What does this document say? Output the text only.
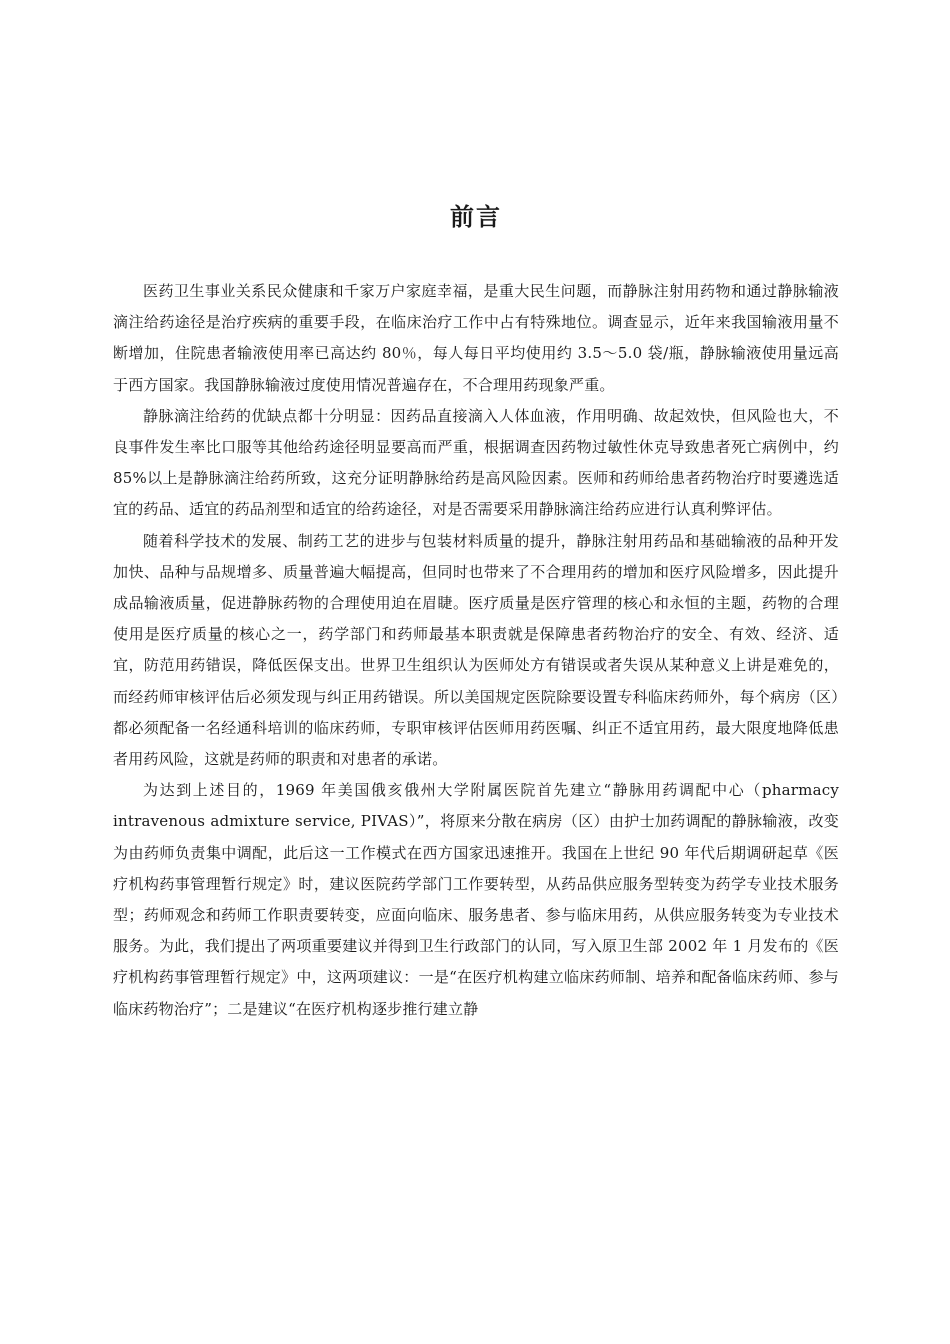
前言

医药卫生事业关系民众健康和千家万户家庭幸福，是重大民生问题，而静脉注射用药物和通过静脉输液滴注给药途径是治疗疾病的重要手段，在临床治疗工作中占有特殊地位。调查显示，近年来我国输液用量不断增加，住院患者输液使用率已高达约 80％，每人每日平均使用约 3.5～5.0 袋/瓶，静脉输液使用量远高于西方国家。我国静脉输液过度使用情况普遍存在，不合理用药现象严重。

静脉滴注给药的优缺点都十分明显：因药品直接滴入人体血液，作用明确、故起效快，但风险也大，不良事件发生率比口服等其他给药途径明显要高而严重，根据调查因药物过敏性休克导致患者死亡病例中，约 85%以上是静脉滴注给药所致，这充分证明静脉给药是高风险因素。医师和药师给患者药物治疗时要遴选适宜的药品、适宜的药品剂型和适宜的给药途径，对是否需要采用静脉滴注给药应进行认真利弊评估。

随着科学技术的发展、制药工艺的进步与包装材料质量的提升，静脉注射用药品和基础输液的品种开发加快、品种与品规增多、质量普遍大幅提高，但同时也带来了不合理用药的增加和医疗风险增多，因此提升成品输液质量，促进静脉药物的合理使用迫在眉睫。医疗质量是医疗管理的核心和永恒的主题，药物的合理使用是医疗质量的核心之一，药学部门和药师最基本职责就是保障患者药物治疗的安全、有效、经济、适宜，防范用药错误，降低医保支出。世界卫生组织认为医师处方有错误或者失误从某种意义上讲是难免的，而经药师审核评估后必须发现与纠正用药错误。所以美国规定医院除要设置专科临床药师外，每个病房（区）都必须配备一名经通科培训的临床药师，专职审核评估医师用药医嘱、纠正不适宜用药，最大限度地降低患者用药风险，这就是药师的职责和对患者的承诺。

为达到上述目的，1969 年美国俄亥俄州大学附属医院首先建立“静脉用药调配中心（pharmacy intravenous admixture service, PIVAS）”，将原来分散在病房（区）由护士加药调配的静脉输液，改变为由药师负责集中调配，此后这一工作模式在西方国家迅速推开。我国在上世纪 90 年代后期调研起草《医疗机构药事管理暂行规定》时，建议医院药学部门工作要转型，从药品供应服务型转变为药学专业技术服务型；药师观念和药师工作职责要转变，应面向临床、服务患者、参与临床用药，从供应服务转变为专业技术服务。为此，我们提出了两项重要建议并得到卫生行政部门的认同，写入原卫生部 2002 年 1 月发布的《医疗机构药事管理暂行规定》中，这两项建议：一是“在医疗机构建立临床药师制、培养和配备临床药师、参与临床药物治疗”；二是建议“在医疗机构逐步推行建立静
